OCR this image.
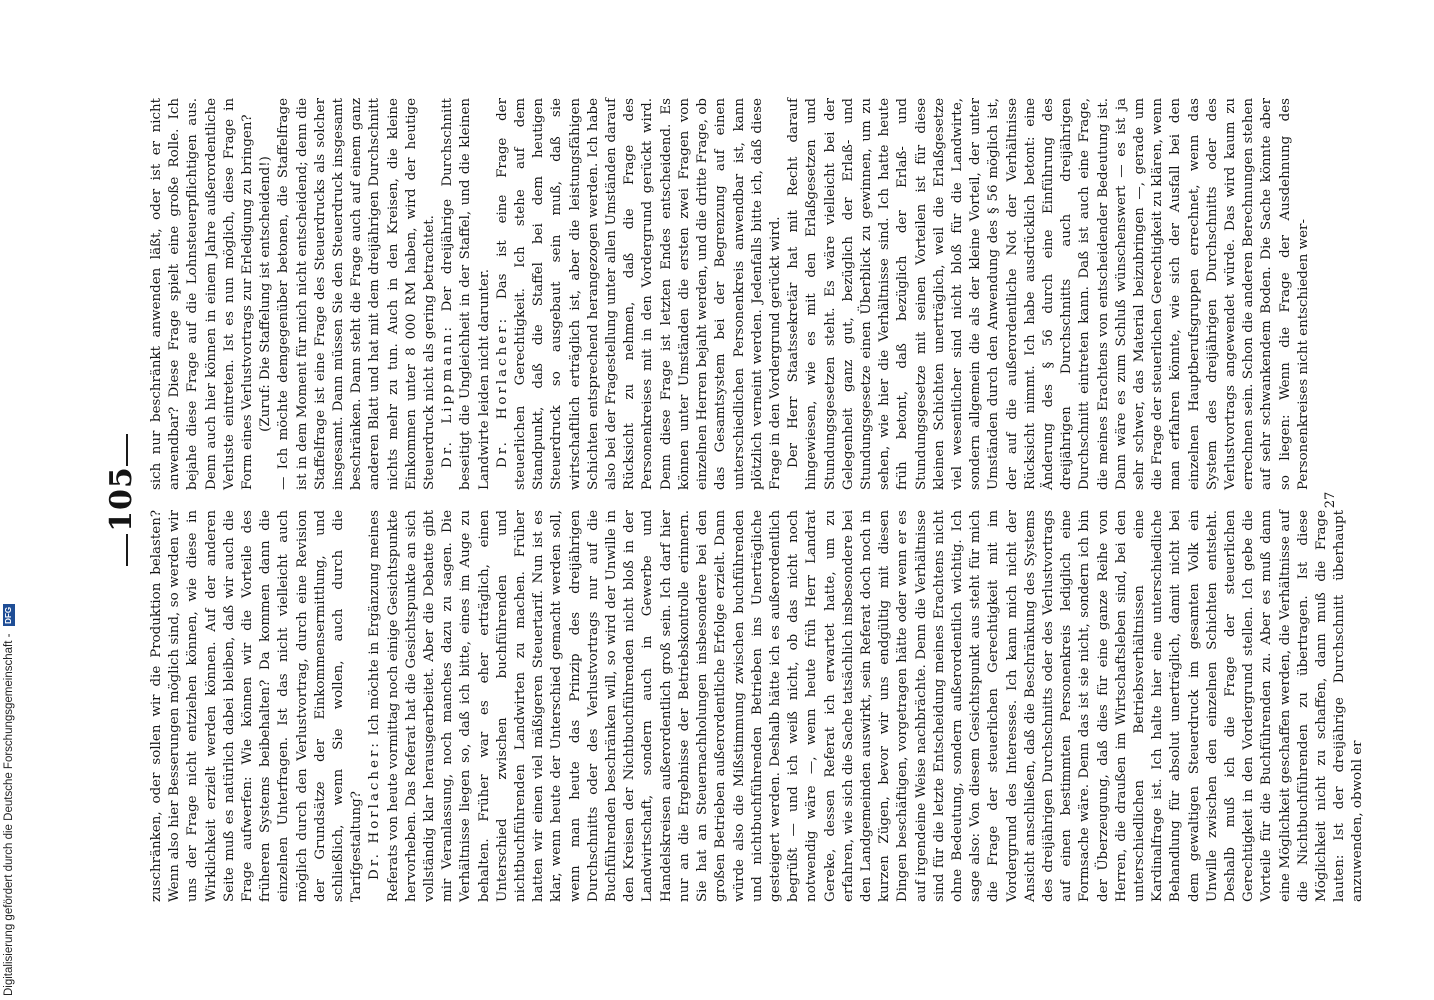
105

zuschränken, oder sollen wir die Produktion belasten? Wenn also hier Besserungen möglich sind, so werden wir uns der Frage nicht entziehen können, wie diese in Wirklichkeit erzielt werden können. Auf der anderen Seite muß es natürlich dabei bleiben, daß wir auch die Frage aufwerfen: Wie können wir die Vorteile des früheren Systems beibehalten? Da kommen dann die einzelnen Unterfragen. Ist das nicht vielleicht auch möglich durch den Verlustvortrag, durch eine Revision der Grundsätze der Einkommensermittlung, und schließlich, wenn Sie wollen, auch durch die Tarifgestaltung? Dr. Horlacher: Ich möchte in Ergänzung meines Referats von heute vormittag noch einige Gesichtspunkte hervorheben. Das Referat hat die Gesichtspunkte an sich vollständig klar herausgearbeitet. Aber die Debatte gibt mir Veranlassung, noch manches dazu zu sagen. Die Verhältnisse liegen so, daß ich bitte, eines im Auge zu behalten. Früher war es eher erträglich, einen Unterschied zwischen buchführenden und nichtbuchführenden Landwirten zu machen. Früher hatten wir einen viel mäßigeren Steuertarif. Nun ist es klar, wenn heute der Unterschied gemacht werden soll, wenn man heute das Prinzip des dreijährigen Durchschnitts oder des Verlustvortrags nur auf die Buchführenden beschränken will, so wird der Unwille in den Kreisen der Nichtbuchführenden nicht bloß in der Landwirtschaft, sondern auch in Gewerbe und Handelskreisen außerordentlich groß sein. Ich darf hier nur an die Ergebnisse der Betriebskontrolle erinnern. Sie hat an Steuernachholungen insbesondere bei den großen Betrieben außerordentliche Erfolge erzielt. Dann würde also die Mißstimmung zwischen buchführenden und nichtbuchführenden Betrieben ins Unerträgliche gesteigert werden. Deshalb hätte ich es außerordentlich begrüßt — und ich weiß nicht, ob das nicht noch notwendig wäre —, wenn heute früh Herr Landrat Gereke, dessen Referat ich erwartet hatte, um zu erfahren, wie sich die Sache tatsächlich insbesondere bei den Landgemeinden auswirkt, sein Referat doch noch in kurzen Zügen, bevor wir uns endgültig mit diesen Dingen beschäftigen, vorgetragen hätte oder wenn er es auf irgendeine Weise nachbrächte. Denn die Verhältnisse sind für die letzte Entscheidung meines Erachtens nicht ohne Bedeutung, sondern außerordentlich wichtig. Ich sage also: Von diesem Gesichtspunkt aus steht für mich die Frage der steuerlichen Gerechtigkeit mit im Vordergrund des Interesses. Ich kann mich nicht der Ansicht anschließen, daß die Beschränkung des Systems des dreijährigen Durchschnitts oder des Verlustvortrags auf einen bestimmten Personenkreis lediglich eine Formsache wäre. Denn das ist sie nicht, sondern ich bin der Überzeugung, daß dies für eine ganze Reihe von Herren, die draußen im Wirtschaftsleben sind, bei den unterschiedlichen Betriebsverhältnissen eine Kardinalfrage ist. Ich halte hier eine unterschiedliche Behandlung für absolut unerträglich, damit nicht bei dem gewaltigen Steuerdruck im gesamten Volk ein Unwille zwischen den einzelnen Schichten entsteht. Deshalb muß ich die Frage der steuerlichen Gerechtigkeit in den Vordergrund stellen. Ich gebe die Vorteile für die Buchführenden zu. Aber es muß dann eine Möglichkeit geschaffen werden, die Verhältnisse auf die Nichtbuchführenden zu übertragen. Ist diese Möglichkeit nicht zu schaffen, dann muß die Frage lauten: Ist der dreijährige Durchschnitt überhaupt anzuwenden, obwohl er

sich nur beschränkt anwenden läßt, oder ist er nicht anwendbar? Diese Frage spielt eine große Rolle. Ich bejahe diese Frage auf die Lohnsteuerpflichtigen aus. Denn auch hier können in einem Jahre außerordentliche Verluste eintreten. Ist es nun möglich, diese Frage in Form eines Verlustvortrags zur Erledigung zu bringen? (Zuruf: Die Staffelung ist entscheidend!) — Ich möchte demgegenüber betonen, die Staffelfrage ist in dem Moment für mich nicht entscheidend; denn die Staffelfrage ist eine Frage des Steuerdrucks als solcher insgesamt. Dann müssen Sie den Steuerdruck insgesamt beschränken. Dann steht die Frage auch auf einem ganz anderen Blatt und hat mit dem dreijährigen Durchschnitt nichts mehr zu tun. Auch in den Kreisen, die kleine Einkommen unter 8 000 RM haben, wird der heutige Steuerdruck nicht als gering betrachtet. Dr. Lippmann: Der dreijährige Durchschnitt beseitigt die Ungleichheit in der Staffel, und die kleinen Landwirte leiden nicht darunter. Dr. Horlacher: Das ist eine Frage der steuerlichen Gerechtigkeit. Ich stehe auf dem Standpunkt, daß die Staffel bei dem heutigen Steuerdruck so ausgebaut sein muß, daß sie wirtschaftlich erträglich ist, aber die leistungsfähigen Schichten entsprechend herangezogen werden. Ich habe also bei der Fragestellung unter allen Umständen darauf Rücksicht zu nehmen, daß die Frage des Personenkreises mit in den Vordergrund gerückt wird. Denn diese Frage ist letzten Endes entscheidend. Es können unter Umständen die ersten zwei Fragen von einzelnen Herren bejaht werden, und die dritte Frage, ob das Gesamtsystem bei der Begrenzung auf einen unterschiedlichen Personenkreis anwendbar ist, kann plötzlich verneint werden. Jedenfalls bitte ich, daß diese Frage in den Vordergrund gerückt wird. Der Herr Staatssekretär hat mit Recht darauf hingewiesen, wie es mit den Erlaßgesetzen und Stundungsgesetzen steht. Es wäre vielleicht bei der Gelegenheit ganz gut, bezüglich der Erlaß- und Stundungsgesetze einen Überblick zu gewinnen, um zu sehen, wie hier die Verhältnisse sind. Ich hatte heute früh betont, daß bezüglich der Erlaß- und Stundungsgesetze mit seinen Vorteilen ist für diese kleinen Schichten unerträglich, weil die Erlaßgesetze viel wesentlicher sind nicht bloß für die Landwirte, sondern allgemein die als der kleine Vorteil, der unter Umständen durch den Anwendung des § 56 möglich ist, der auf die außerordentliche Not der Verhältnisse Rücksicht nimmt. Ich habe ausdrücklich betont: eine Änderung des § 56 durch eine Einführung des dreijährigen Durchschnitts auch dreijährigen Durchschnitt eintreten kann. Daß ist auch eine Frage, die meines Erachtens von entscheidender Bedeutung ist. Dann wäre es zum Schluß wünschenswert — es ist ja sehr schwer, das Material beizubringen —, gerade um die Frage der steuerlichen Gerechtigkeit zu klären, wenn man erfahren könnte, wie sich der Ausfall bei den einzelnen Hauptberufsgruppen errechnet, wenn das System des dreijährigen Durchschnitts oder des Verlustvortrags angewendet würde. Das wird kaum zu errechnen sein. Schon die anderen Berechnungen stehen auf sehr schwankendem Boden. Die Sache könnte aber so liegen: Wenn die Frage der Ausdehnung des Personenkreises nicht entschieden wer-

27
Digitalisierung gefördert durch die Deutsche Forschungsgemeinschaft - DFG
